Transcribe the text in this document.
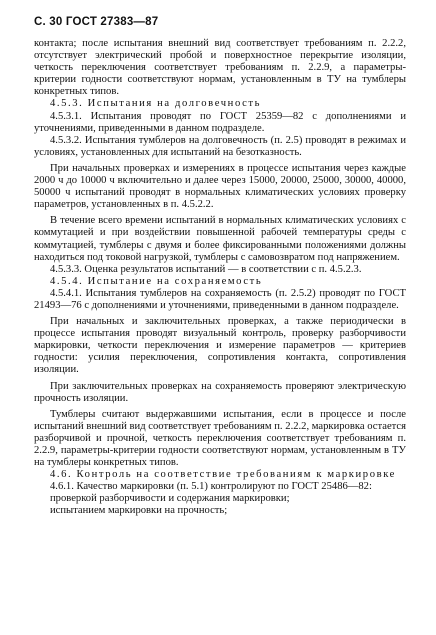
С. 30 ГОСТ 27383—87

контакта; после испытания внешний вид соответствует требованиям п. 2.2.2, отсутствует электрический пробой и поверхностное перекрытие изоляции, четкость переключения соответствует требованиям п. 2.2.9, а параметры-критерии годности соответствуют нормам, установленным в ТУ на тумблеры конкретных типов.

4.5.3. Испытания на долговечность

4.5.3.1. Испытания проводят по ГОСТ 25359—82 с дополнениями и уточнениями, приведенными в данном подразделе.

4.5.3.2. Испытания тумблеров на долговечность (п. 2.5) проводят в режимах и условиях, установленных для испытаний на безотказность.

При начальных проверках и измерениях в процессе испытания через каждые 2000 ч до 10000 ч включительно и далее через 15000, 20000, 25000, 30000, 40000, 50000 ч испытаний проводят в нормальных климатических условиях проверку параметров, установленных в п. 4.5.2.2.

В течение всего времени испытаний в нормальных климатических условиях с коммутацией и при воздействии повышенной рабочей температуры среды с коммутацией, тумблеры с двумя и более фиксированными положениями должны находиться под токовой нагрузкой, тумблеры с самовозвратом под напряжением.

4.5.3.3. Оценка результатов испытаний — в соответствии с п. 4.5.2.3.

4.5.4. Испытание на сохраняемость

4.5.4.1. Испытания тумблеров на сохраняемость (п. 2.5.2) проводят по ГОСТ 21493—76 с дополнениями и уточнениями, приведенными в данном подразделе.

При начальных и заключительных проверках, а также периодически в процессе испытания проводят визуальный контроль, проверку разборчивости маркировки, четкости переключения и измерение параметров — критериев годности: усилия переключения, сопротивления контакта, сопротивления изоляции.

При заключительных проверках на сохраняемость проверяют электрическую прочность изоляции.

Тумблеры считают выдержавшими испытания, если в процессе и после испытаний внешний вид соответствует требованиям п. 2.2.2, маркировка остается разборчивой и прочной, четкость переключения соответствует требованиям п. 2.2.9, параметры-критерии годности соответствуют нормам, установленным в ТУ на тумблеры конкретных типов.

4.6. Контроль на соответствие требованиям к маркировке

4.6.1. Качество маркировки (п. 5.1) контролируют по ГОСТ 25486—82:

проверкой разборчивости и содержания маркировки;

испытанием маркировки на прочность;
